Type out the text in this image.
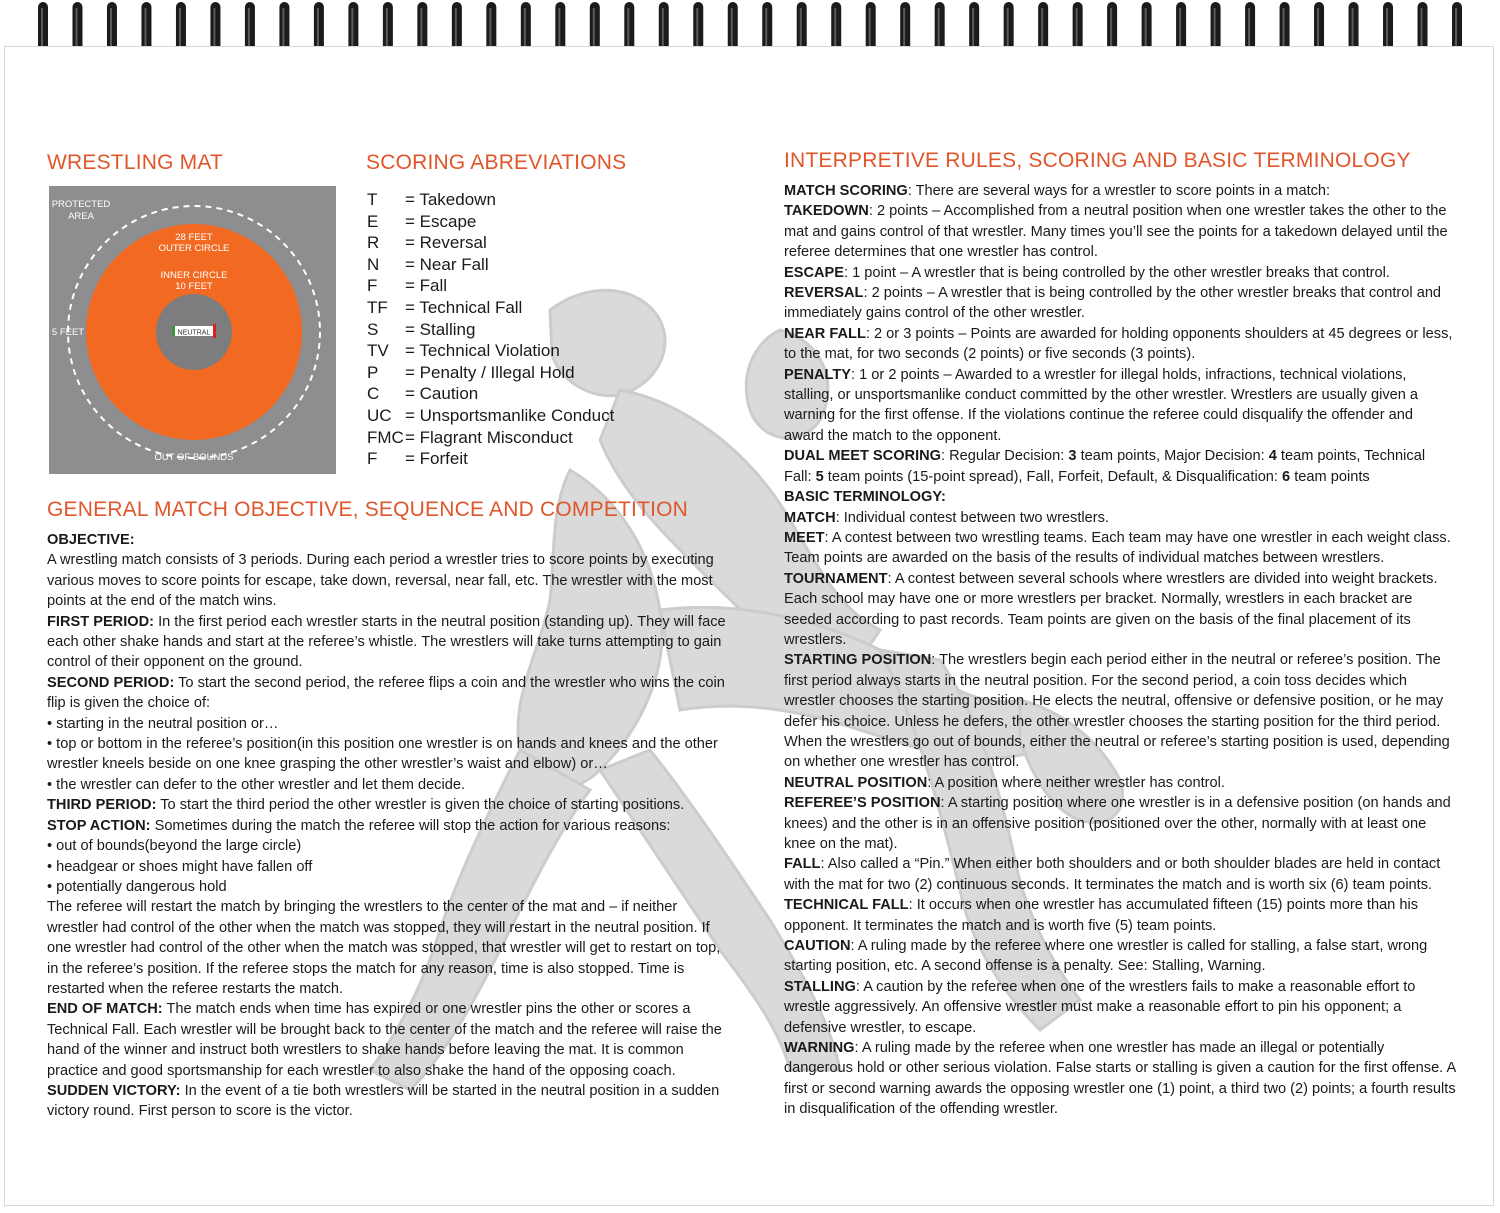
WRESTLING MAT	SCORING ABREVIATIONS	INTERPRETIVE RULES, SCORING AND BASIC TERMINOLOGY
GENERAL MATCH OBJECTIVE, SEQUENCE AND COMPETITION
PROTECTED
AREA
28 FEET
OUTER CIRCLE
INNER CIRCLE
10 FEET
5 FEET
OUT OF BOUNDS
NEUTRAL
T	= Takedown
E	= Escape
R	= Reversal
N	= Near Fall
F	= Fall
TF	= Technical Fall
S	= Stalling
TV = Technical Violation
P	= Penalty / Illegal Hold
C	= Caution
UC = Unsportsmanlike Conduct
FMC = Flagrant Misconduct
F	= Forfeit

OBJECTIVE:

A wrestling match consists of 3 periods. During each period a wrestler tries to score points by executing various moves to score points for escape, take down, reversal, near fall, etc. The wrestler with the most points at the end of the match wins.

FIRST PERIOD: In the first period each wrestler starts in the neutral position (standing up). They will face each other shake hands and start at the referee’s whistle. The wrestlers will take turns attempting to gain control of their opponent on the ground.

SECOND PERIOD: To start the second period, the referee flips a coin and the wrestler who wins the coin flip is given the choice of:

• starting in the neutral position or…

• top or bottom in the referee’s position(in this position one wrestler is on hands and knees and the other wrestler kneels beside on one knee grasping the other wrestler’s waist and elbow) or…

• the wrestler can defer to the other wrestler and let them decide.

THIRD PERIOD: To start the third period the other wrestler is given the choice of starting positions.

STOP ACTION: Sometimes during the match the referee will stop the action for various reasons:

• out of bounds(beyond the large circle)

• headgear or shoes might have fallen off

• potentially dangerous hold

The referee will restart the match by bringing the wrestlers to the center of the mat and – if neither wrestler had control of the other when the match was stopped, they will restart in the neutral position. If one wrestler had control of the other when the match was stopped, that wrestler will get to restart on top, in the referee’s position. If the referee stops the match for any reason, time is also stopped. Time is restarted when the referee restarts the match.

END OF MATCH: The match ends when time has expired or one wrestler pins the other or scores a Technical Fall. Each wrestler will be brought back to the center of the match and the referee will raise the hand of the winner and instruct both wrestlers to shake hands before leaving the mat. It is common practice and good sportsmanship for each wrestler to also shake the hand of the opposing coach.

SUDDEN VICTORY: In the event of a tie both wrestlers will be started in the neutral position in a sudden victory round. First person to score is the victor.

MATCH SCORING: There are several ways for a wrestler to score points in a match:

TAKEDOWN: 2 points – Accomplished from a neutral position when one wrestler takes the other to the mat and gains control of that wrestler. Many times you’ll see the points for a takedown delayed until the referee determines that one wrestler has control.

ESCAPE: 1 point – A wrestler that is being controlled by the other wrestler breaks that control.

REVERSAL: 2 points – A wrestler that is being controlled by the other wrestler breaks that control and immediately gains control of the other wrestler.

NEAR FALL: 2 or 3 points – Points are awarded for holding opponents shoulders at 45 degrees or less, to the mat, for two seconds (2 points) or five seconds (3 points).

PENALTY: 1 or 2 points – Awarded to a wrestler for illegal holds, infractions, technical violations, stalling, or unsportsmanlike conduct committed by the other wrestler. Wrestlers are usually given a warning for the first offense. If the violations continue the referee could disqualify the offender and award the match to the opponent.

DUAL MEET SCORING: Regular Decision: 3 team points, Major Decision: 4 team points, Technical Fall: 5 team points (15-point spread), Fall, Forfeit, Default, & Disqualification: 6 team points

BASIC TERMINOLOGY:

MATCH: Individual contest between two wrestlers.

MEET: A contest between two wrestling teams. Each team may have one wrestler in each weight class. Team points are awarded on the basis of the results of individual matches between wrestlers.

TOURNAMENT: A contest between several schools where wrestlers are divided into weight brackets. Each school may have one or more wrestlers per bracket. Normally, wrestlers in each bracket are seeded according to past records. Team points are given on the basis of the final placement of its wrestlers.

STARTING POSITION: The wrestlers begin each period either in the neutral or referee’s position. The first period always starts in the neutral position. For the second period, a coin toss decides which wrestler chooses the starting position. He elects the neutral, offensive or defensive position, or he may defer his choice. Unless he defers, the other wrestler chooses the starting position for the third period. When the wrestlers go out of bounds, either the neutral or referee’s starting position is used, depending on whether one wrestler has control.

NEUTRAL POSITION: A position where neither wrestler has control.

REFEREE’S POSITION: A starting position where one wrestler is in a defensive position (on hands and knees) and the other is in an offensive position (positioned over the other, normally with at least one knee on the mat).

FALL: Also called a “Pin.” When either both shoulders and or both shoulder blades are held in contact with the mat for two (2) continuous seconds. It terminates the match and is worth six (6) team points.

TECHNICAL FALL: It occurs when one wrestler has accumulated fifteen (15) points more than his opponent. It terminates the match and is worth five (5) team points.

CAUTION: A ruling made by the referee where one wrestler is called for stalling, a false start, wrong starting position, etc. A second offense is a penalty. See: Stalling, Warning.

STALLING: A caution by the referee when one of the wrestlers fails to make a reasonable effort to wrestle aggressively. An offensive wrestler must make a reasonable effort to pin his opponent; a defensive wrestler, to escape.

WARNING: A ruling made by the referee when one wrestler has made an illegal or potentially dangerous hold or other serious violation. False starts or stalling is given a caution for the first offense. A first or second warning awards the opposing wrestler one (1) point, a third two (2) points; a fourth results in disqualification of the offending wrestler.
